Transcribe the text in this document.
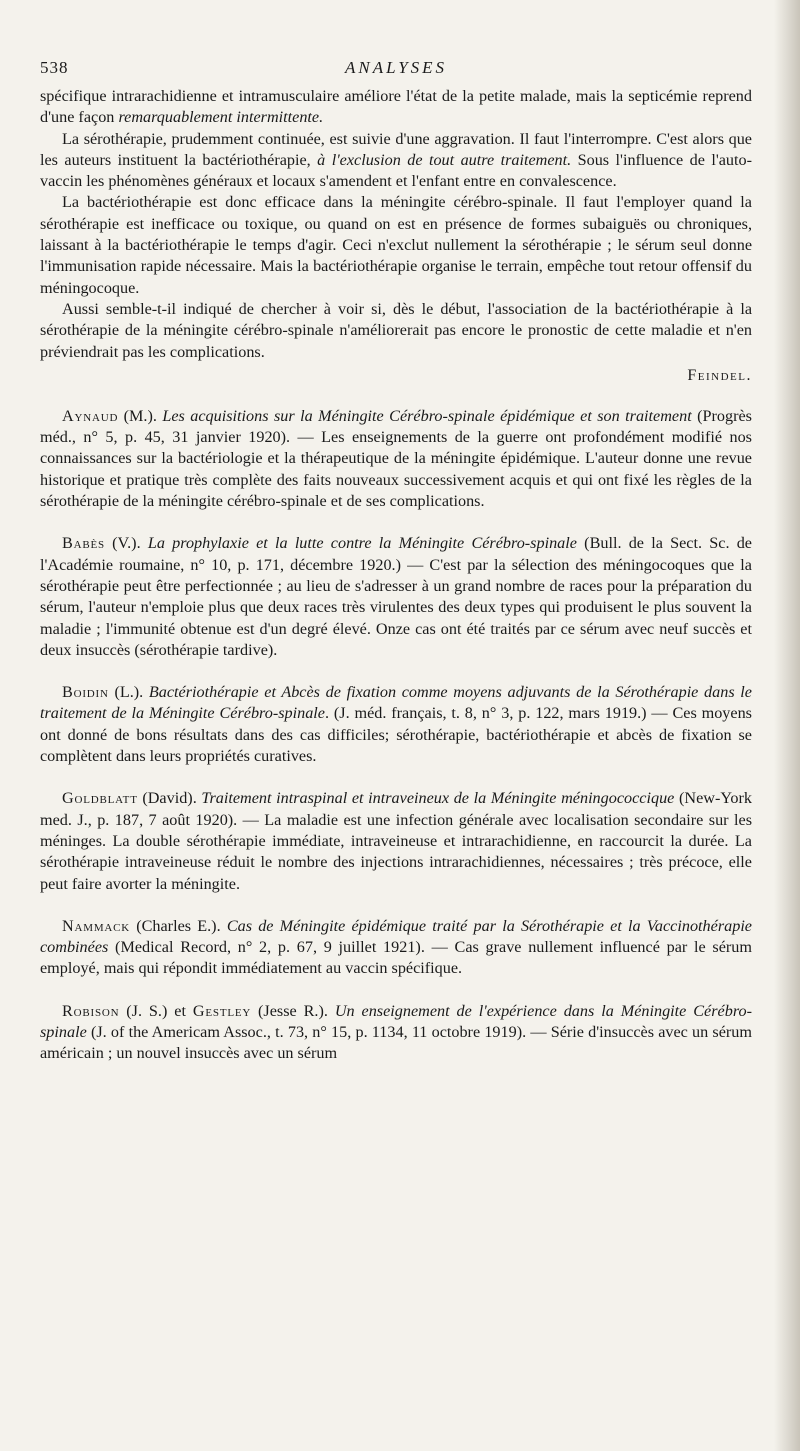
538	ANALYSES

spécifique intrarachidienne et intramusculaire améliore l'état de la petite malade, mais la septicémie reprend d'une façon remarquablement intermittente.

La sérothérapie, prudemment continuée, est suivie d'une aggravation. Il faut l'interrompre. C'est alors que les auteurs instituent la bactériothérapie, à l'exclusion de tout autre traitement. Sous l'influence de l'auto-vaccin les phénomènes généraux et locaux s'amendent et l'enfant entre en convalescence.

La bactériothérapie est donc efficace dans la méningite cérébro-spinale. Il faut l'employer quand la sérothérapie est inefficace ou toxique, ou quand on est en présence de formes subaiguës ou chroniques, laissant à la bactériothérapie le temps d'agir. Ceci n'exclut nullement la sérothérapie ; le sérum seul donne l'immunisation rapide nécessaire. Mais la bactériothérapie organise le terrain, empêche tout retour offensif du méningocoque.

Aussi semble-t-il indiqué de chercher à voir si, dès le début, l'association de la bactériothérapie à la sérothérapie de la méningite cérébro-spinale n'améliorerait pas encore le pronostic de cette maladie et n'en préviendrait pas les complications.

Feindel.

Aynaud (M.). Les acquisitions sur la Méningite Cérébro-spinale épidémique et son traitement (Progrès méd., n° 5, p. 45, 31 janvier 1920). — Les enseignements de la guerre ont profondément modifié nos connaissances sur la bactériologie et la thérapeutique de la méningite épidémique. L'auteur donne une revue historique et pratique très complète des faits nouveaux successivement acquis et qui ont fixé les règles de la sérothérapie de la méningite cérébro-spinale et de ses complications.

Babès (V.). La prophylaxie et la lutte contre la Méningite Cérébro-spinale (Bull. de la Sect. Sc. de l'Académie roumaine, n° 10, p. 171, décembre 1920.) — C'est par la sélection des méningocoques que la sérothérapie peut être perfectionnée ; au lieu de s'adresser à un grand nombre de races pour la préparation du sérum, l'auteur n'emploie plus que deux races très virulentes des deux types qui produisent le plus souvent la maladie ; l'immunité obtenue est d'un degré élevé. Onze cas ont été traités par ce sérum avec neuf succès et deux insuccès (sérothérapie tardive).

Boidin (L.). Bactériothérapie et Abcès de fixation comme moyens adjuvants de la Sérothérapie dans le traitement de la Méningite Cérébro-spinale. (J. méd. français, t. 8, n° 3, p. 122, mars 1919.) — Ces moyens ont donné de bons résultats dans des cas difficiles; sérothérapie, bactériothérapie et abcès de fixation se complètent dans leurs propriétés curatives.

Goldblatt (David). Traitement intraspinal et intraveineux de la Méningite méningococcique (New-York med. J., p. 187, 7 août 1920). — La maladie est une infection générale avec localisation secondaire sur les méninges. La double sérothérapie immédiate, intraveineuse et intrarachidienne, en raccourcit la durée. La sérothérapie intraveineuse réduit le nombre des injections intrarachidiennes, nécessaires ; très précoce, elle peut faire avorter la méningite.

Nammack (Charles E.). Cas de Méningite épidémique traité par la Sérothérapie et la Vaccinothérapie combinées (Medical Record, n° 2, p. 67, 9 juillet 1921). — Cas grave nullement influencé par le sérum employé, mais qui répondit immédiatement au vaccin spécifique.

Robison (J. S.) et Gestley (Jesse R.). Un enseignement de l'expérience dans la Méningite Cérébro-spinale (J. of the Americam Assoc., t. 73, n° 15, p. 1134, 11 octobre 1919). — Série d'insuccès avec un sérum américain ; un nouvel insuccès avec un sérum
